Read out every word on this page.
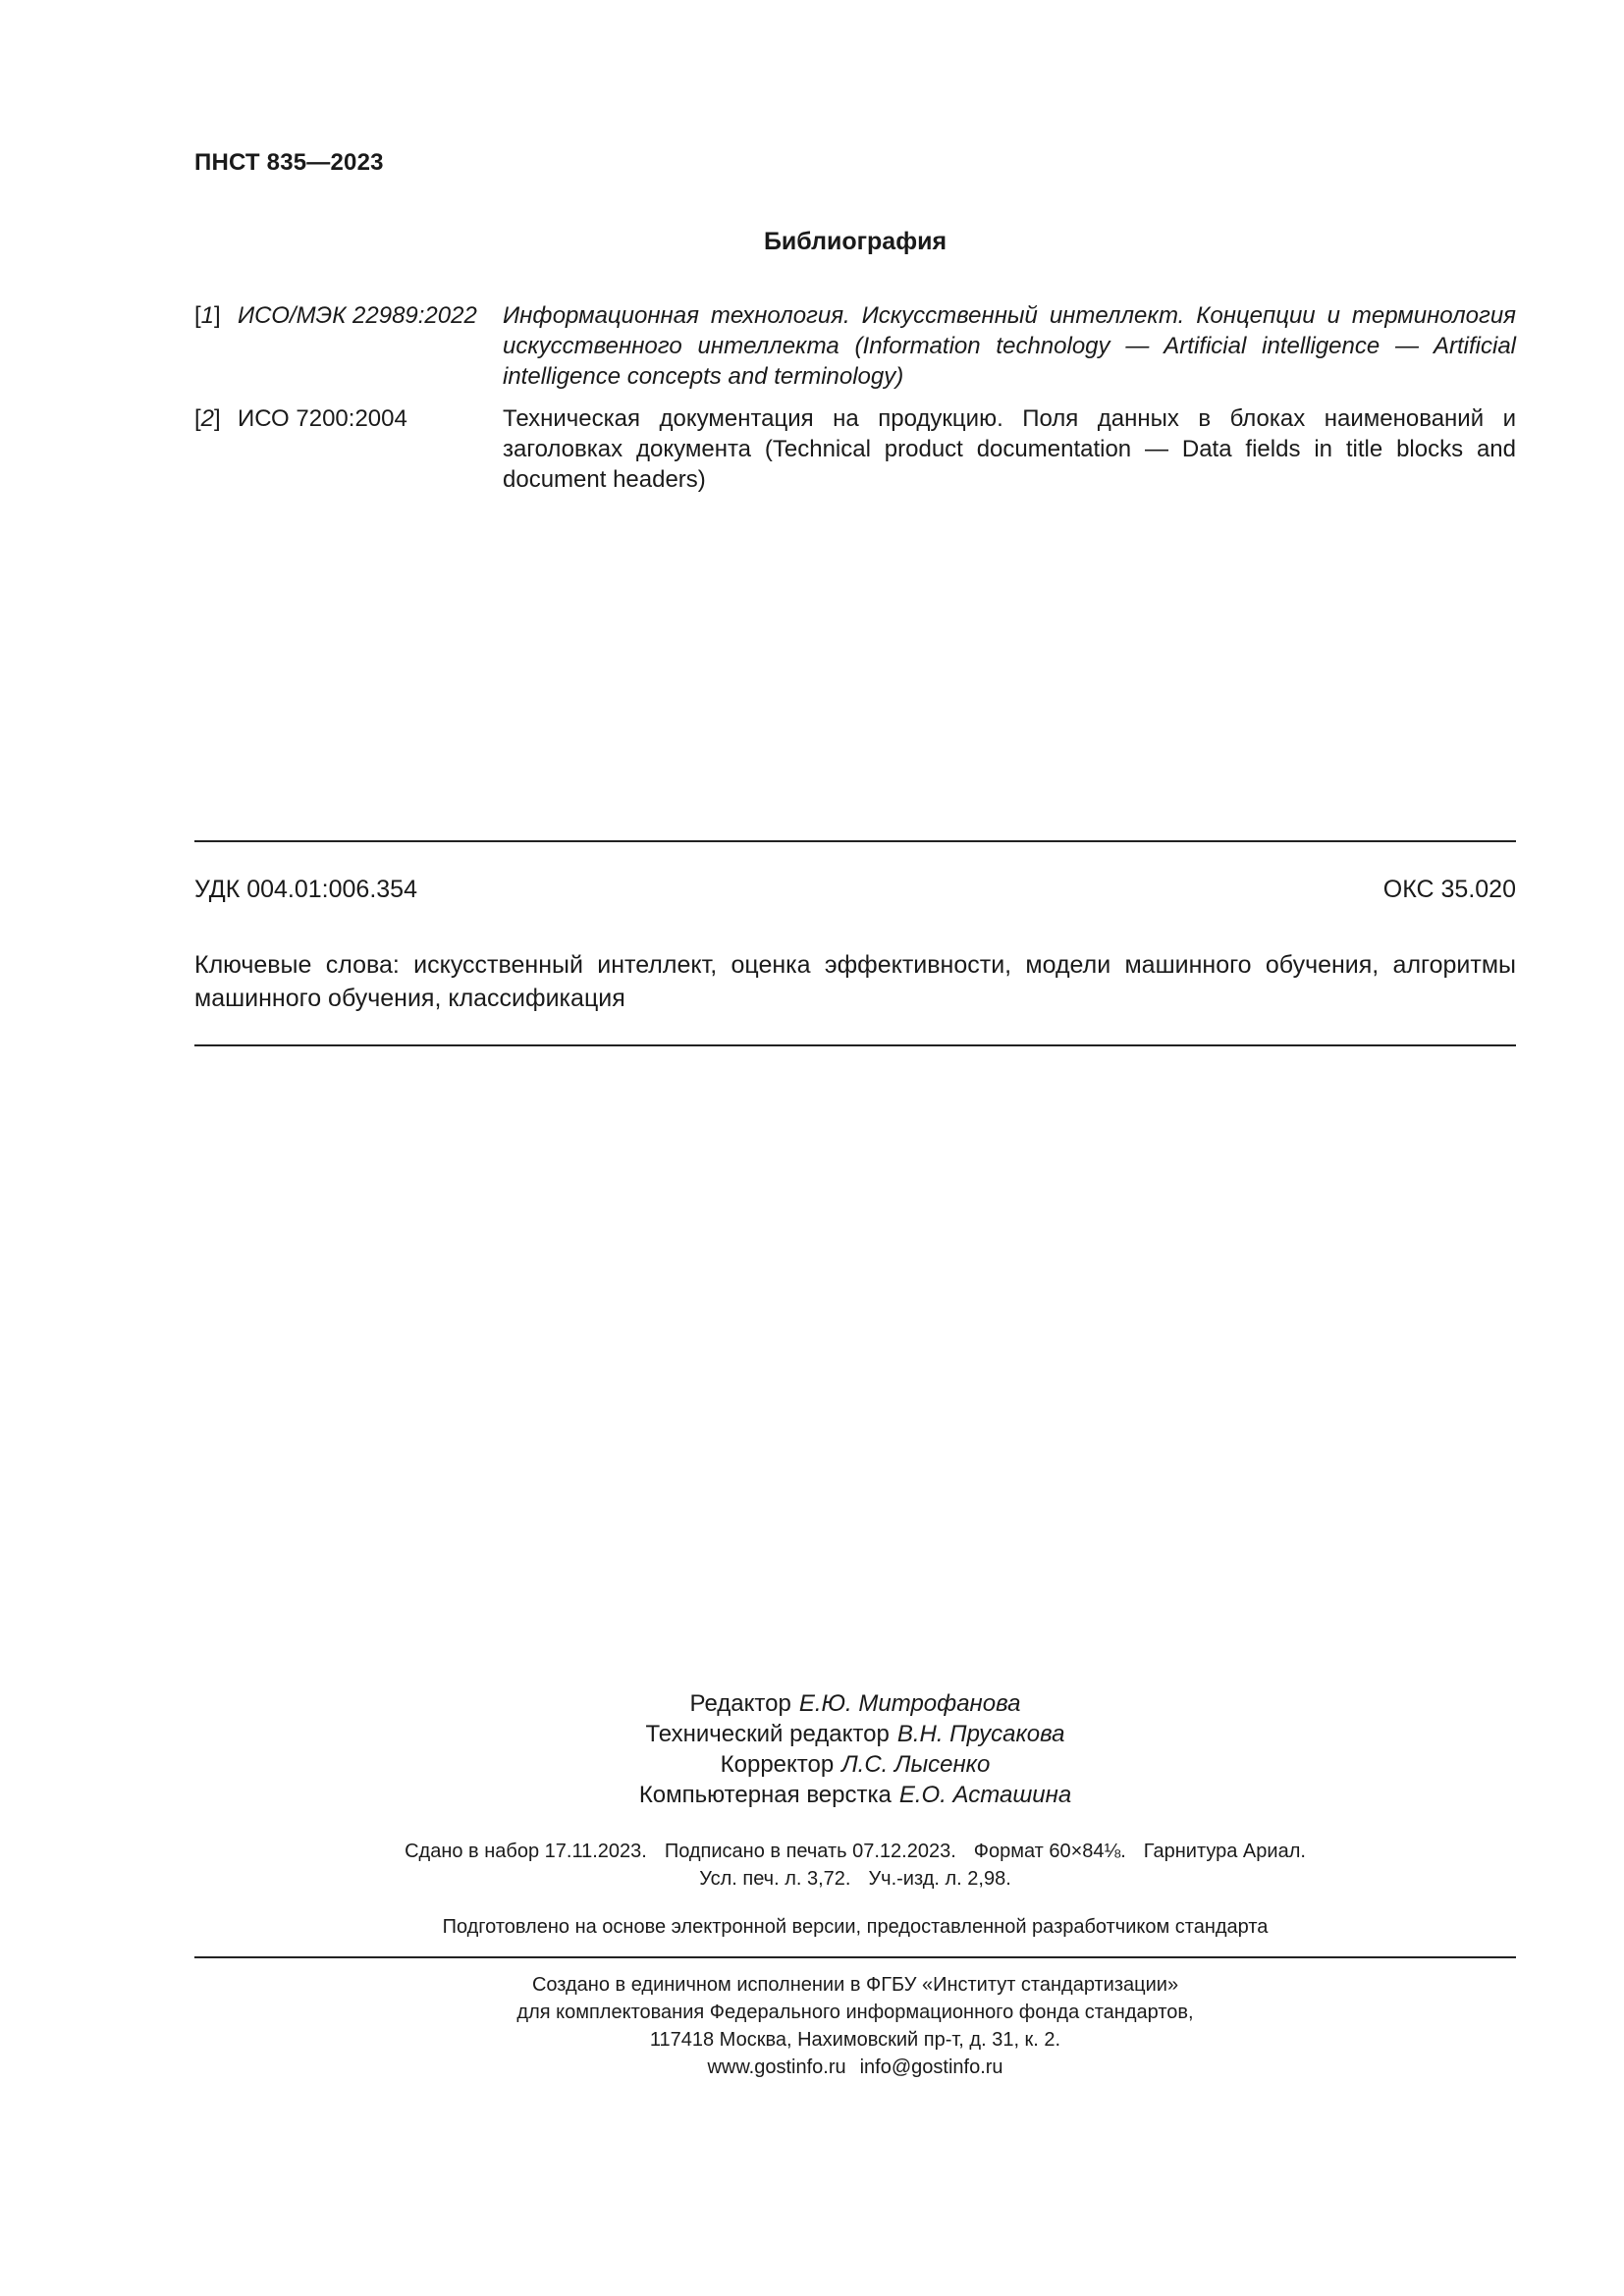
ПНСТ 835—2023
Библиография
[1] ИСО/МЭК 22989:2022	Информационная технология. Искусственный интеллект. Концепции и терминология искусственного интеллекта (Information technology — Artificial intelligence — Artificial intelligence concepts and terminology)
[2] ИСО 7200:2004	Техническая документация на продукцию. Поля данных в блоках наименований и заголовках документа (Technical product documentation — Data fields in title blocks and document headers)
УДК 004.01:006.354	ОКС 35.020
Ключевые слова: искусственный интеллект, оценка эффективности, модели машинного обучения, алгоритмы машинного обучения, классификация
Редактор Е.Ю. Митрофанова
Технический редактор В.Н. Прусакова
Корректор Л.С. Лысенко
Компьютерная верстка Е.О. Асташина
Сдано в набор 17.11.2023. Подписано в печать 07.12.2023. Формат 60×84⅛. Гарнитура Ариал.
Усл. печ. л. 3,72. Уч.-изд. л. 2,98.
Подготовлено на основе электронной версии, предоставленной разработчиком стандарта
Создано в единичном исполнении в ФГБУ «Институт стандартизации»
для комплектования Федерального информационного фонда стандартов,
117418 Москва, Нахимовский пр-т, д. 31, к. 2.
www.gostinfo.ru info@gostinfo.ru
